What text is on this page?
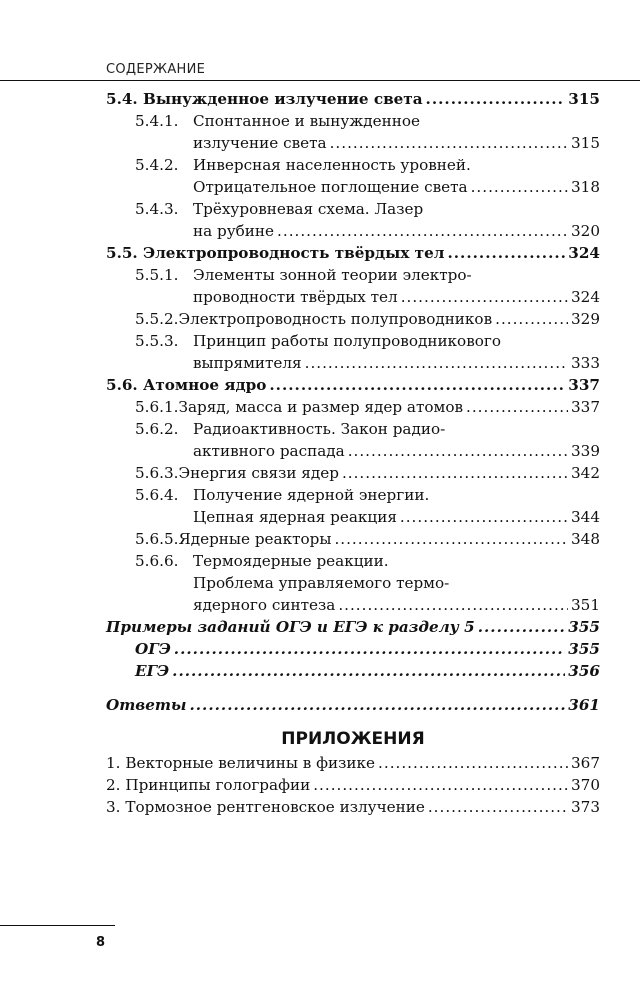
СОДЕРЖАНИЕ
5.4. Вынужденное излучение света .....	315
5.4.1. Спонтанное и вынужденное
излучение света .....	315
5.4.2. Инверсная населенность уровней.
Отрицательное поглощение света .....	318
5.4.3. Трёхуровневая схема. Лазер
на рубине .....	320
5.5. Электропроводность твёрдых тел .....	324
5.5.1. Элементы зонной теории электро-
проводности твёрдых тел .....	324
5.5.2. Электропроводность полупроводников .....	329
5.5.3. Принцип работы полупроводникового
выпрямителя .....	333
5.6. Атомное ядро .....	337
5.6.1. Заряд, масса и размер ядер атомов .....	337
5.6.2. Радиоактивность. Закон радио-
активного распада .....	339
5.6.3. Энергия связи ядер .....	342
5.6.4. Получение ядерной энергии.
Цепная ядерная реакция .....	344
5.6.5. Ядерные реакторы .....	348
5.6.6. Термоядерные реакции.
Проблема управляемого термо-
ядерного синтеза .....	351
Примеры заданий ОГЭ и ЕГЭ к разделу 5 .....	355
ОГЭ .....	355
ЕГЭ .....	356
Ответы .....	361
ПРИЛОЖЕНИЯ
1. Векторные величины в физике .....	367
2. Принципы голографии .....	370
3. Тормозное рентгеновское излучение .....	373
8
